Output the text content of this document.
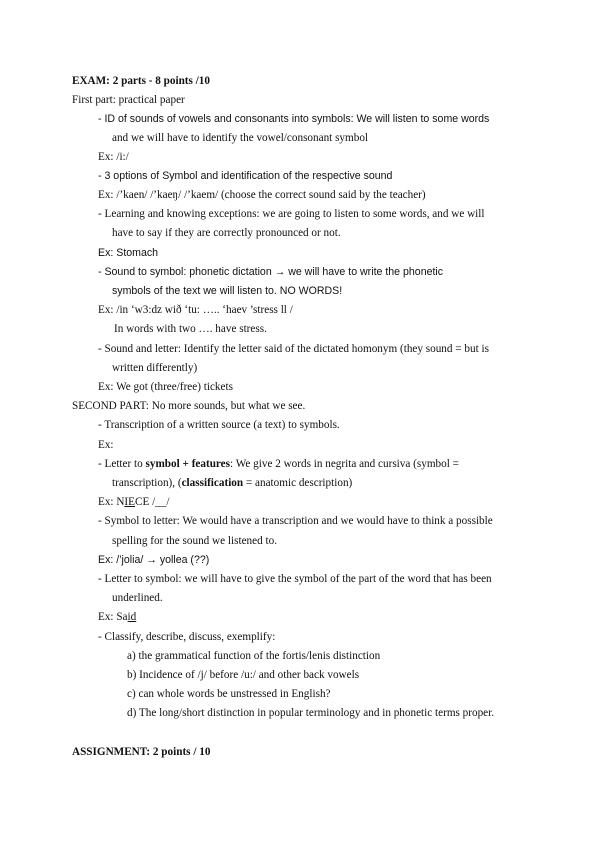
EXAM: 2 parts - 8 points /10
First part: practical paper
- ID of sounds of vowels and consonants into symbols: We will listen to some words
and we will have to identify the vowel/consonant symbol
Ex: /i:/
- 3 options of Symbol and identification of the respective sound
Ex: /’kaen/ /’kaeŋ/ /’kaem/ (choose the correct sound said by the teacher)
- Learning and knowing exceptions: we are going to listen to some words, and we will
have to say if they are correctly pronounced or not.
Ex: Stomach
- Sound to symbol: phonetic dictation → we will have to write the phonetic
symbols of the text we will listen to. NO WORDS!
Ex: /in ‘w3:dz wið ‘tu: ….. ‘haev ’stress ll /
In words with two …. have stress.
- Sound and letter: Identify the letter said of the dictated homonym (they sound = but is
written differently)
Ex: We got (three/free) tickets
SECOND PART: No more sounds, but what we see.
- Transcription of a written source (a text) to symbols.
Ex:
- Letter to symbol + features: We give 2 words in negrita and cursiva (symbol =
transcription), (classification = anatomic description)
Ex: NIECE /__/
- Symbol to letter: We would have a transcription and we would have to think a possible
spelling for the sound we listened to.
Ex: /’jolia/ → yollea (??)
- Letter to symbol: we will have to give the symbol of the part of the word that has been
underlined.
Ex: Said
- Classify, describe, discuss, exemplify:
a) the grammatical function of the fortis/lenis distinction
b) Incidence of /j/ before /u:/ and other back vowels
c) can whole words be unstressed in English?
d) The long/short distinction in popular terminology and in phonetic terms proper.
ASSIGNMENT: 2 points / 10
